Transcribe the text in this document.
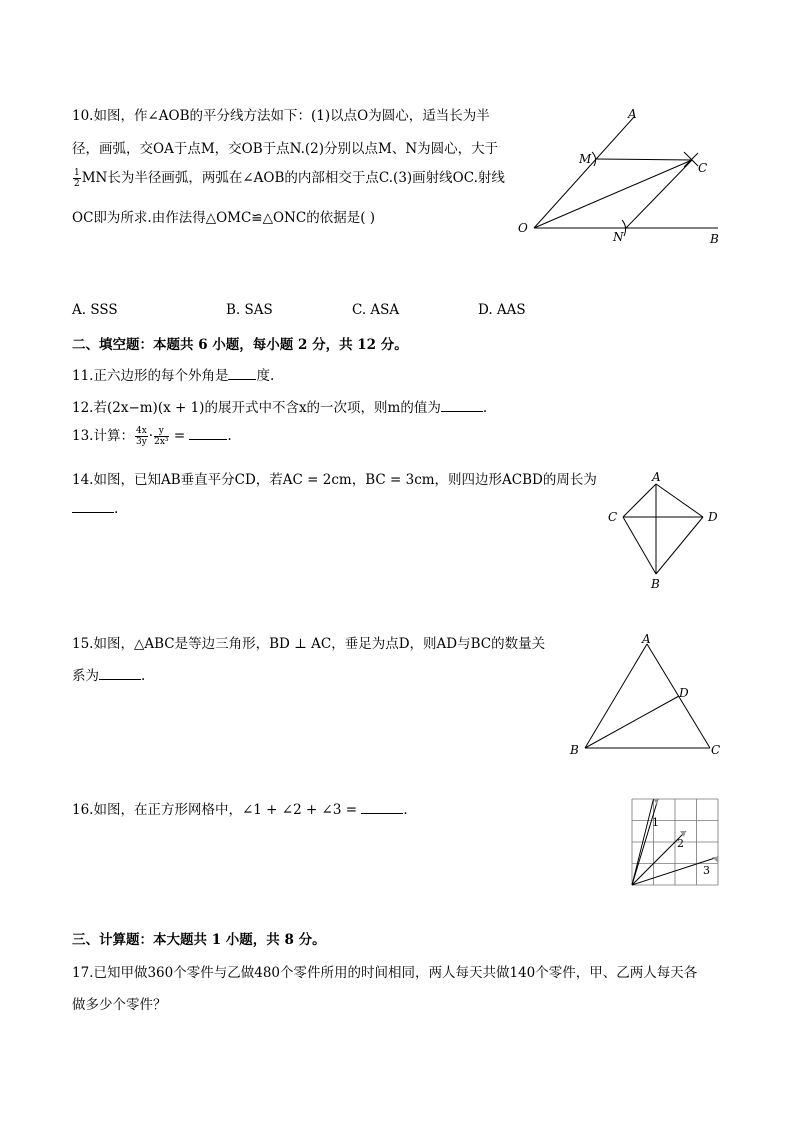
10.如图，作∠AOB的平分线方法如下：(1)以点O为圆心，适当长为半
径，画弧，交OA于点M，交OB于点N.(2)分别以点M、N为圆心，大于
$\frac{1}{2}$ MN长为半径画弧，两弧在∠AOB的内部相交于点C.(3)画射线OC.射线
OC即为所求.由作法得△OMC≌△ONC的依据是( )
A
M
C
O
N	B
A. SSS	B. SAS	C. ASA	D. AAS
二、填空题：本题共 6 小题，每小题 2 分，共 12 分。
11.正六边形的每个外角是 度.
12.若(2x−m)(x + 1)的展开式中不含x的一次项，则m的值为	.
13.计算： $\frac{4x}{3y} \cdot \frac{y}{\text{2x³}}$ =	.
14.如图，已知AB垂直平分CD，若AC = 2cm，BC = 3cm，则四边形ACBD的周长为
.
A
C	D
B
15.如图，△ABC是等边三角形，BD ⊥ AC，垂足为点D，则AD与BC的数量关
系为	.
A
D
B	C
16.如图，在正方形网格中，∠1 + ∠2 + ∠3 =	.
1
2
3
三、计算题：本大题共 1 小题，共 8 分。
17.已知甲做360个零件与乙做480个零件所用的时间相同，两人每天共做140个零件，甲、乙两人每天各
做多少个零件？
